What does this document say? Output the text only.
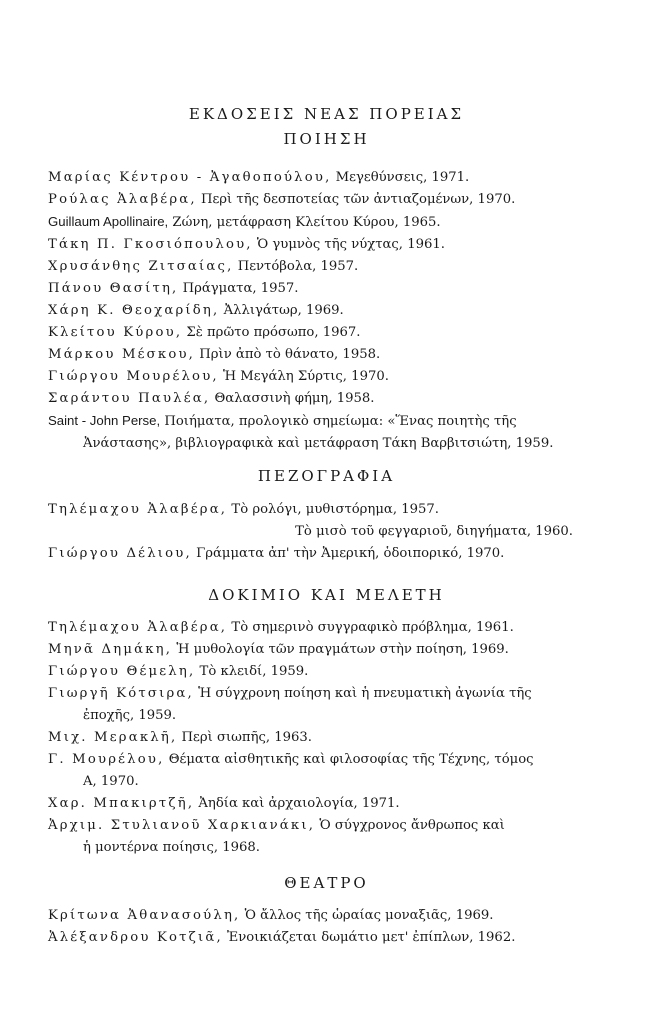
ΕΚΔΟΣΕΙΣ ΝΕΑΣ ΠΟΡΕΙΑΣ
ΠΟΙΗΣΗ
Μαρίας Κέντρου - Ἀγαθοπούλου, Μεγεθύνσεις, 1971.
Ρούλας Ἀλαβέρα, Περὶ τῆς δεσποτείας τῶν ἀντιαζομένων, 1970.
Guillaum Apollinaire, Ζώνη, μετάφραση Κλείτου Κύρου, 1965.
Τάκη Π. Γκοσιόπουλου, Ὁ γυμνὸς τῆς νύχτας, 1961.
Χρυσάνθης Ζιτσαίας, Πεντόβολα, 1957.
Πάνου Θασίτη, Πράγματα, 1957.
Χάρη Κ. Θεοχαρίδη, Ἀλλιγάτωρ, 1969.
Κλείτου Κύρου, Σὲ πρῶτο πρόσωπο, 1967.
Μάρκου Μέσκου, Πρὶν ἀπὸ τὸ θάνατο, 1958.
Γιώργου Μουρέλου, Ἡ Μεγάλη Σύρτις, 1970.
Σαράντου Παυλέα, Θαλασσινὴ φήμη, 1958.
Saint - John Perse, Ποιήματα, προλογικὸ σημείωμα: «Ἕνας ποιητὴς τῆς
Ἀνάστασης», βιβλιογραφικὰ καὶ μετάφραση Τάκη Βαρβιτσιώτη, 1959.
ΠΕΖΟΓΡΑΦΙΑ
Τηλέμαχου Ἀλαβέρα, Τὸ ρολόγι, μυθιστόρημα, 1957.
Τὸ μισὸ τοῦ φεγγαριοῦ, διηγήματα, 1960.
Γιώργου Δέλιου, Γράμματα ἀπ' τὴν Ἀμερική, ὁδοιπορικό, 1970.
ΔΟΚΙΜΙΟ ΚΑΙ ΜΕΛΕΤΗ
Τηλέμαχου Ἀλαβέρα, Τὸ σημερινὸ συγγραφικὸ πρόβλημα, 1961.
Μηνᾶ Δημάκη, Ἡ μυθολογία τῶν πραγμάτων στὴν ποίηση, 1969.
Γιώργου Θέμελη, Τὸ κλειδί, 1959.
Γιωργῆ Κότσιρα, Ἡ σύγχρονη ποίηση καὶ ἡ πνευματικὴ ἀγωνία τῆς
ἐποχῆς, 1959.
Μιχ. Μερακλῆ, Περὶ σιωπῆς, 1963.
Γ. Μουρέλου, Θέματα αἰσθητικῆς καὶ φιλοσοφίας τῆς Τέχνης, τόμος
Α, 1970.
Χαρ. Μπακιρτζῆ, Ἀηδία καὶ ἀρχαιολογία, 1971.
Ἀρχιμ. Στυλιανοῦ Χαρκιανάκι, Ὁ σύγχρονος ἄνθρωπος καὶ
ἡ μοντέρνα ποίησις, 1968.
ΘΕΑΤΡΟ
Κρίτωνα Ἀθανασούλη, Ὁ ἄλλος τῆς ὡραίας μοναξιᾶς, 1969.
Ἀλέξανδρου Κοτζιᾶ, Ἐνοικιάζεται δωμάτιο μετ' ἐπίπλων, 1962.
